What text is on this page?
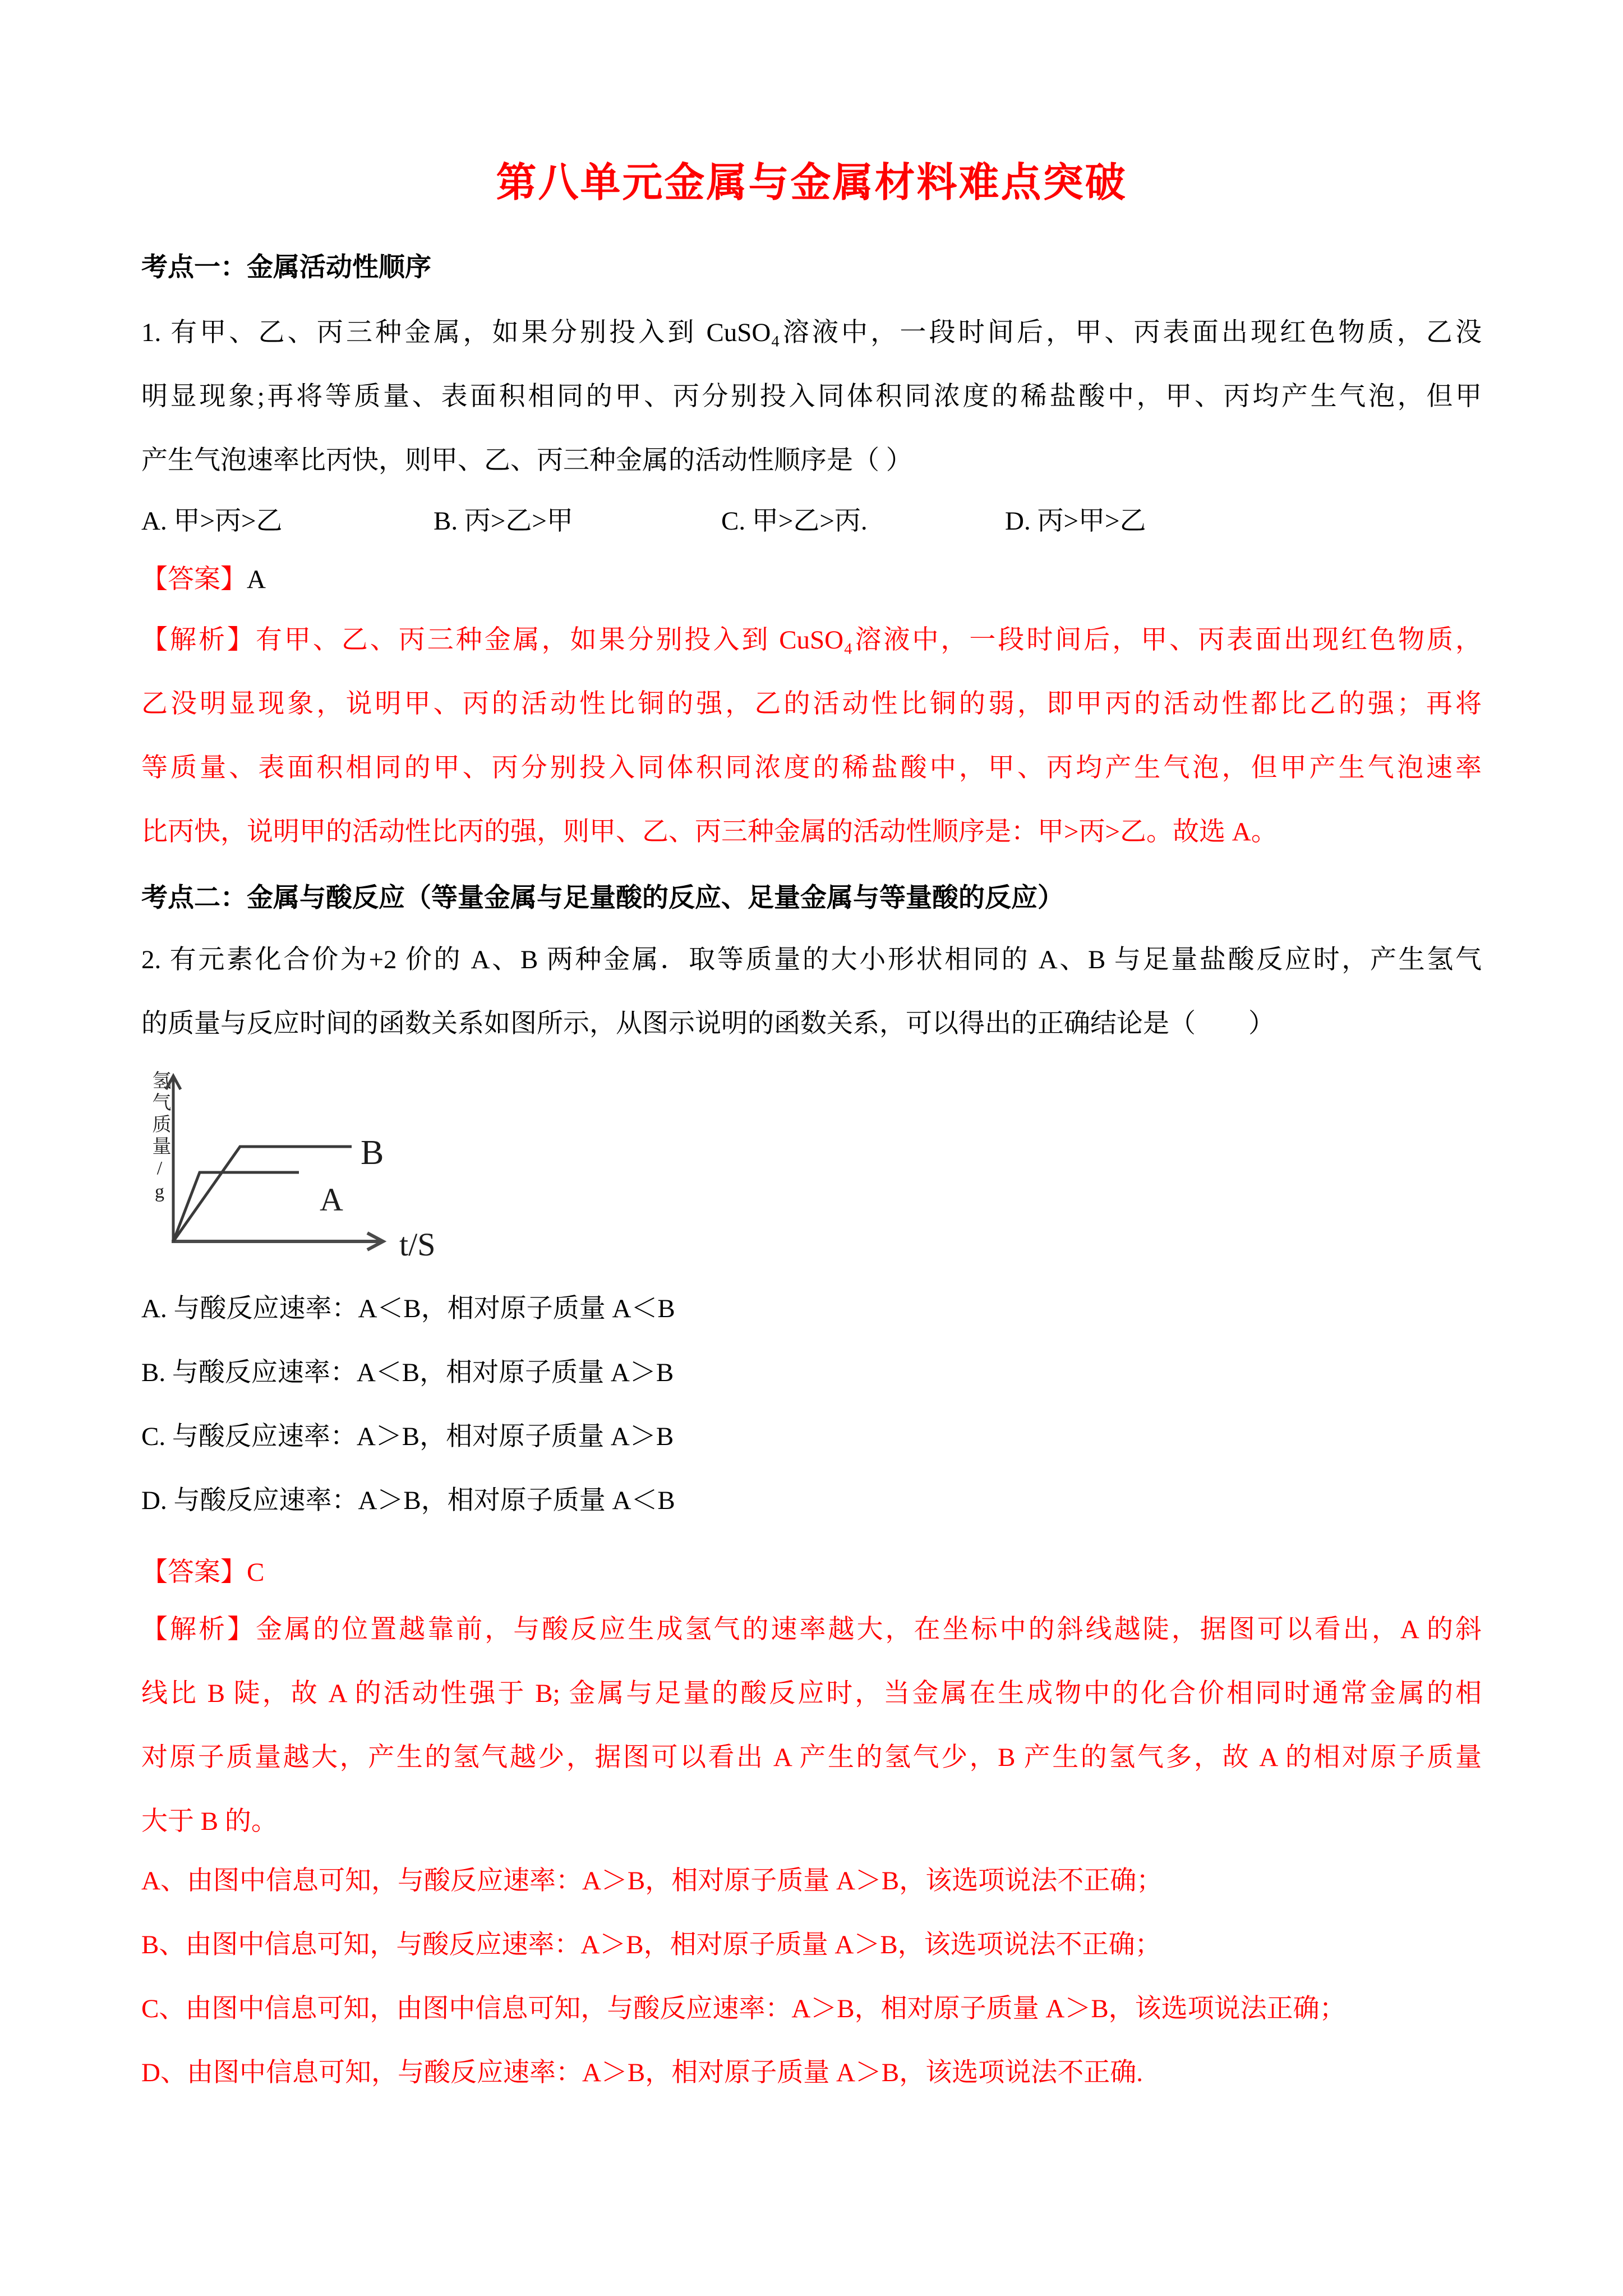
第八单元金属与金属材料难点突破
考点一：金属活动性顺序
1. 有甲、乙、丙三种金属，如果分别投入到 CuSO₄溶液中，一段时间后，甲、丙表面出现红色物质，乙没
明显现象;再将等质量、表面积相同的甲、丙分别投入同体积同浓度的稀盐酸中，甲、丙均产生气泡，但甲
产生气泡速率比丙快，则甲、乙、丙三种金属的活动性顺序是（ ）
A. 甲>丙>乙	B. 丙>乙>甲	C. 甲>乙>丙.	D. 丙>甲>乙
【答案】A
【解析】有甲、乙、丙三种金属，如果分别投入到 CuSO₄溶液中，一段时间后，甲、丙表面出现红色物质，
乙没明显现象，说明甲、丙的活动性比铜的强，乙的活动性比铜的弱，即甲丙的活动性都比乙的强；再将
等质量、表面积相同的甲、丙分别投入同体积同浓度的稀盐酸中，甲、丙均产生气泡，但甲产生气泡速率
比丙快，说明甲的活动性比丙的强，则甲、乙、丙三种金属的活动性顺序是：甲>丙>乙。故选 A。
考点二：金属与酸反应（等量金属与足量酸的反应、足量金属与等量酸的反应）
2. 有元素化合价为+2 价的 A、B 两种金属．取等质量的大小形状相同的 A、B 与足量盐酸反应时，产生氢气
的质量与反应时间的函数关系如图所示，从图示说明的函数关系，可以得出的正确结论是（　　）
氢气质量/g	B
A
t/S
A. 与酸反应速率：A＜B，相对原子质量 A＜B
B. 与酸反应速率：A＜B，相对原子质量 A＞B
C. 与酸反应速率：A＞B，相对原子质量 A＞B
D. 与酸反应速率：A＞B，相对原子质量 A＜B
【答案】C
【解析】金属的位置越靠前，与酸反应生成氢气的速率越大，在坐标中的斜线越陡，据图可以看出，A 的斜
线比 B 陡，故 A 的活动性强于 B; 金属与足量的酸反应时，当金属在生成物中的化合价相同时通常金属的相
对原子质量越大，产生的氢气越少，据图可以看出 A 产生的氢气少，B 产生的氢气多，故 A 的相对原子质量
大于 B 的。
A、由图中信息可知，与酸反应速率：A＞B，相对原子质量 A＞B，该选项说法不正确；
B、由图中信息可知，与酸反应速率：A＞B，相对原子质量 A＞B，该选项说法不正确；
C、由图中信息可知，由图中信息可知，与酸反应速率：A＞B，相对原子质量 A＞B，该选项说法正确；
D、由图中信息可知，与酸反应速率：A＞B，相对原子质量 A＞B，该选项说法不正确.
